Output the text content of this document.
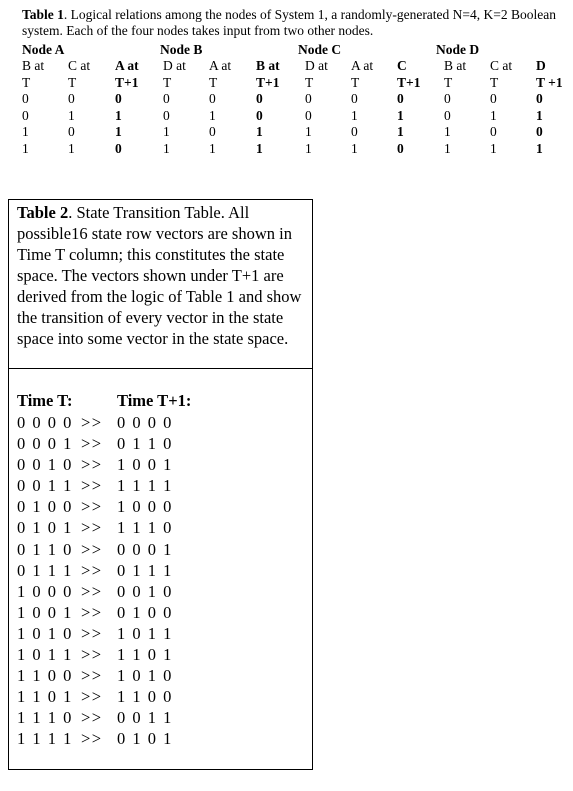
Table 1. Logical relations among the nodes of System 1, a randomly-generated N=4, K=2 Boolean system. Each of the four nodes takes input from two other nodes.
Node A	Node B	Node C	Node D
B at	C at	A at	D at	A at	B at	D at	A at	C	B at	C at	D
T	T	T+1	T	T	T+1	T	T	T+1	T	T	T +1
0	0	0	0	0	0	0	0	0	0	0	0
0	1	1	0	1	0	0	1	1	0	1	1
1	0	1	1	0	1	1	0	1	1	0	0
1	1	0	1	1	1	1	1	0	1	1	1
Table 2. State Transition Table. All possible16 state row vectors are shown in Time T column; this constitutes the state space. The vectors shown under T+1 are derived from the logic of Table 1 and show the transition of every vector in the state space into some vector in the state space.
Time T:	Time T+1:
0 0 0 0 >> 0 0 0 0
0 0 0 1 >> 0 1 1 0
0 0 1 0 >> 1 0 0 1
0 0 1 1 >> 1 1 1 1
0 1 0 0 >> 1 0 0 0
0 1 0 1 >> 1 1 1 0
0 1 1 0 >> 0 0 0 1
0 1 1 1 >> 0 1 1 1
1 0 0 0 >> 0 0 1 0
1 0 0 1 >> 0 1 0 0
1 0 1 0 >> 1 0 1 1
1 0 1 1 >> 1 1 0 1
1 1 0 0 >> 1 0 1 0
1 1 0 1 >> 1 1 0 0
1 1 1 0 >> 0 0 1 1
1 1 1 1 >> 0 1 0 1
